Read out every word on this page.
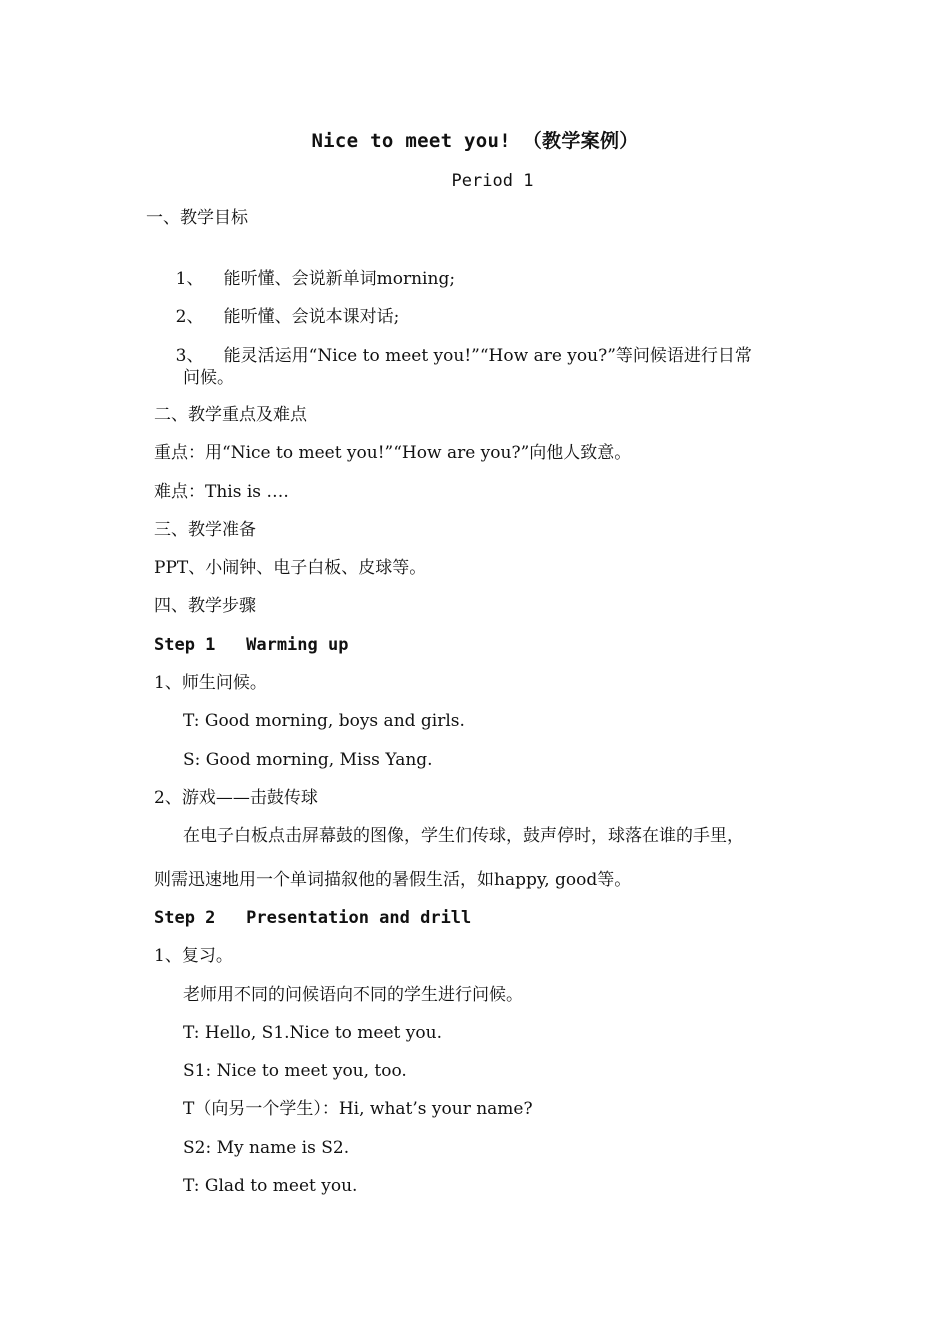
Nice to meet you! （教学案例）
Period 1
一、教学目标

1、 能听懂、会说新单词morning;

2、 能听懂、会说本课对话;

3、 能灵活运用“Nice to meet you!”“How are you?”等问候语进行日常

问候。
二、教学重点及难点
重点：用“Nice to meet you!”“How are you?”向他人致意。
难点：This is ….
三、教学准备
PPT、小闹钟、电子白板、皮球等。
四、教学步骤
Step 1   Warming up
1、师生问候。
T: Good morning, boys and girls.
S: Good morning, Miss Yang.
2、游戏——击鼓传球
在电子白板点击屏幕鼓的图像，学生们传球，鼓声停时，球落在谁的手里，
则需迅速地用一个单词描叙他的暑假生活，如happy, good等。
Step 2   Presentation and drill
1、复习。
老师用不同的问候语向不同的学生进行问候。
T: Hello, S1.Nice to meet you.
S1: Nice to meet you, too.
T（向另一个学生）：Hi, what’s your name?
S2: My name is S2.
T: Glad to meet you.
